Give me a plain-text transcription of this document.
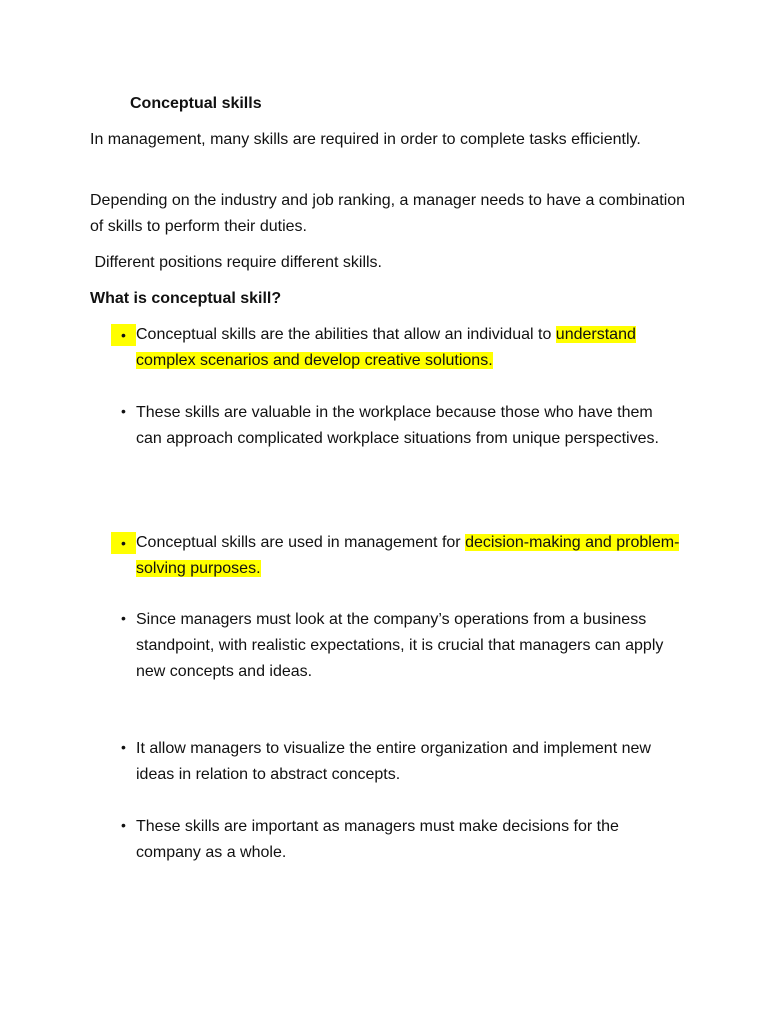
Conceptual skills
In management, many skills are required in order to complete tasks efficiently.
Depending on the industry and job ranking, a manager needs to have a combination of skills to perform their duties.
Different positions require different skills.
What is conceptual skill?
• Conceptual skills are the abilities that allow an individual to understand complex scenarios and develop creative solutions.
• These skills are valuable in the workplace because those who have them can approach complicated workplace situations from unique perspectives.
• Conceptual skills are used in management for decision-making and problem-solving purposes.
• Since managers must look at the company’s operations from a business standpoint, with realistic expectations, it is crucial that managers can apply new concepts and ideas.
• It allow managers to visualize the entire organization and implement new ideas in relation to abstract concepts.
• These skills are important as managers must make decisions for the company as a whole.
